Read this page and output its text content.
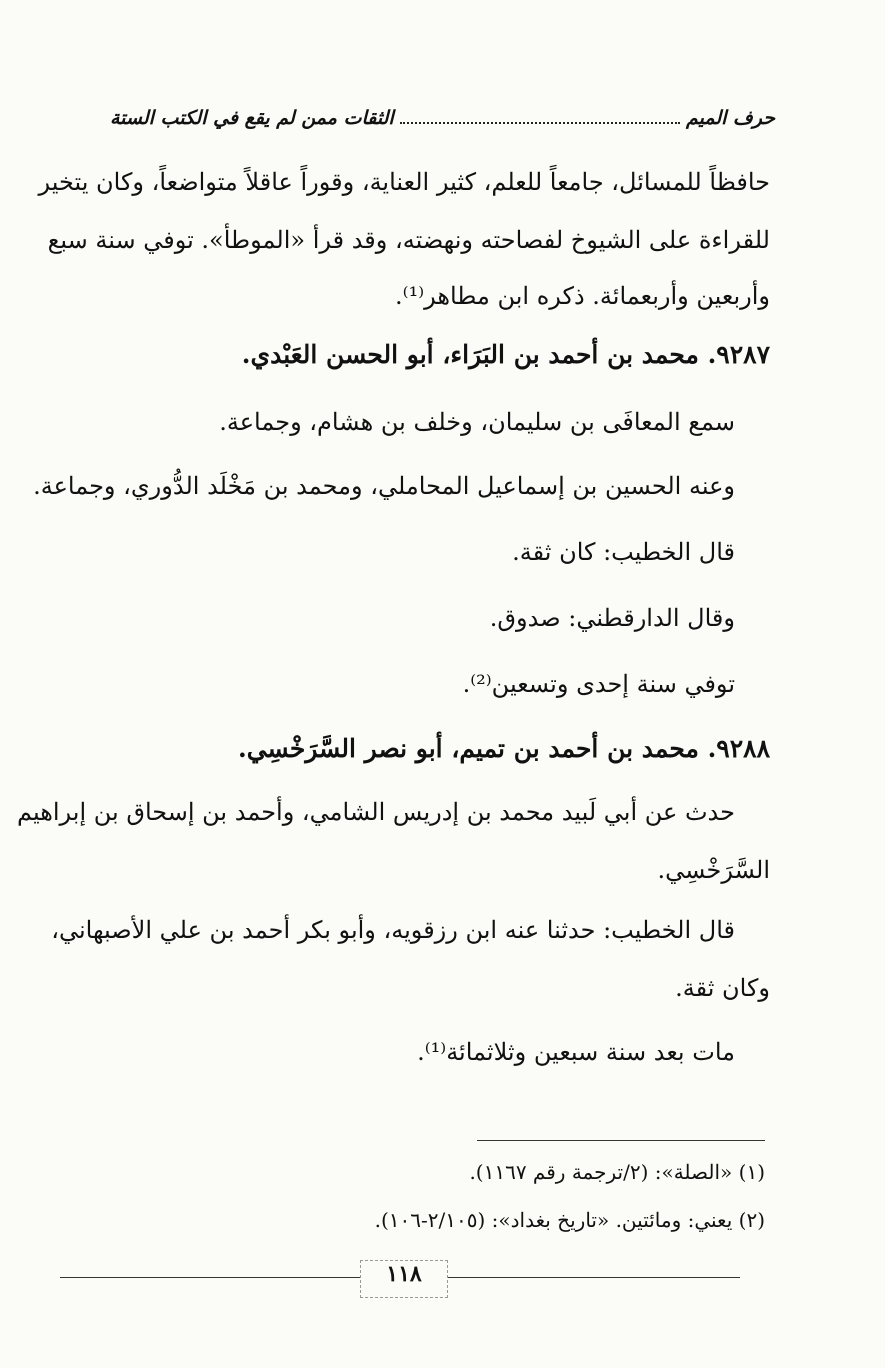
حرف الميم
الثقات ممن لم يقع في الكتب الستة
حافظاً للمسائل، جامعاً للعلم، كثير العناية، وقوراً عاقلاً متواضعاً، وكان يتخير
للقراءة على الشيوخ لفصاحته ونهضته، وقد قرأ «الموطأ». توفي سنة سبع
وأربعين وأربعمائة. ذكره ابن مطاهر⁽¹⁾.
٩٢٨٧. محمد بن أحمد بن البَرَاء، أبو الحسن العَبْدي.
سمع المعافَى بن سليمان، وخلف بن هشام، وجماعة.
وعنه الحسين بن إسماعيل المحاملي، ومحمد بن مَخْلَد الدُّوري، وجماعة.
قال الخطيب: كان ثقة.
وقال الدارقطني: صدوق.
توفي سنة إحدى وتسعين⁽²⁾.
٩٢٨٨. محمد بن أحمد بن تميم، أبو نصر السَّرَخْسِي.
حدث عن أبي لَبيد محمد بن إدريس الشامي، وأحمد بن إسحاق بن إبراهيم
السَّرَخْسِي.
قال الخطيب: حدثنا عنه ابن رزقويه، وأبو بكر أحمد بن علي الأصبهاني،
وكان ثقة.
مات بعد سنة سبعين وثلاثمائة⁽¹⁾.
(١) «الصلة»: (٢/ترجمة رقم ١١٦٧).
(٢) يعني: ومائتين. «تاريخ بغداد»: (٢/١٠٥-١٠٦).
١١٨
